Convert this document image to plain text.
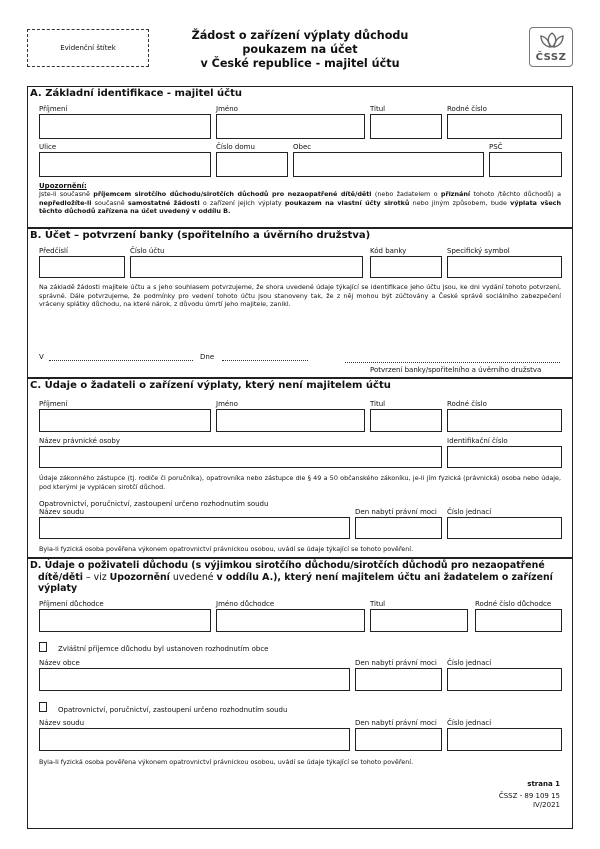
Evidenční štítek
Žádost o zařízení výplaty důchodu
poukazem na účet
v České republice - majitel účtu	ČSSZ
A. Základní identifikace - majitel účtu
Příjmení	Jméno	Titul	Rodné číslo
Ulice	Číslo domu	Obec	PSČ
Upozornění:
Jste-li současně příjemcem sirotčího důchodu/sirotčích důchodů pro nezaopatřené dítě/děti (nebo žadatelem o přiznání tohoto /těchto důchodů) a nepředložíte-li současně samostatné žádosti o zařízení jejich výplaty poukazem na vlastní účty sirotků nebo jiným způsobem, bude výplata všech těchto důchodů zařízena na účet uvedený v oddílu B.
B. Účet – potvrzení banky (spořitelního a úvěrního družstva)
Předčíslí	Číslo účtu	Kód banky	Specifický symbol
Na základě žádosti majitele účtu a s jeho souhlasem potvrzujeme, že shora uvedené údaje týkající se identifikace jeho účtu jsou, ke dni vydání tohoto potvrzení, správné. Dále potvrzujeme, že podmínky pro vedení tohoto účtu jsou stanoveny tak, že z něj mohou být zúčtovány a České správě sociálního zabezpečení vráceny splátky důchodu, na které nárok, z důvodu úmrtí jeho majitele, zanikl.
V	Dne
Potvrzení banky/spořitelního a úvěrního družstva
C. Údaje o žadateli o zařízení výplaty, který není majitelem účtu
Příjmení	Jméno	Titul	Rodné číslo
Název právnické osoby	Identifikační číslo
Údaje zákonného zástupce (tj. rodiče či poručníka), opatrovníka nebo zástupce dle § 49 a 50 občanského zákoníku, je-li jím fyzická (právnická) osoba nebo údaje, pod kterými je vyplácen sirotčí důchod.
Opatrovnictví, poručnictví, zastoupení určeno rozhodnutím soudu
Název soudu	Den nabytí právní moci Číslo jednací
Byla-li fyzická osoba pověřena výkonem opatrovnictví právnickou osobou, uvádí se údaje týkající se tohoto pověření.
D. Údaje o poživateli důchodu (s výjimkou sirotčího důchodu/sirotčích důchodů pro nezaopatřené
dítě/děti – viz Upozornění uvedené v oddílu A.), který není majitelem účtu ani žadatelem o zařízení
výplaty
Příjmení důchodce	Jméno důchodce	Titul	Rodné číslo důchodce
Zvláštní příjemce důchodu byl ustanoven rozhodnutím obce
Název obce	Den nabytí právní moci Číslo jednací
Opatrovnictví, poručnictví, zastoupení určeno rozhodnutím soudu
Název soudu	Den nabytí právní moci Číslo jednací
Byla-li fyzická osoba pověřena výkonem opatrovnictví právnickou osobou, uvádí se údaje týkající se tohoto pověření.
strana 1
ČSSZ - 89 109 15
IV/2021
